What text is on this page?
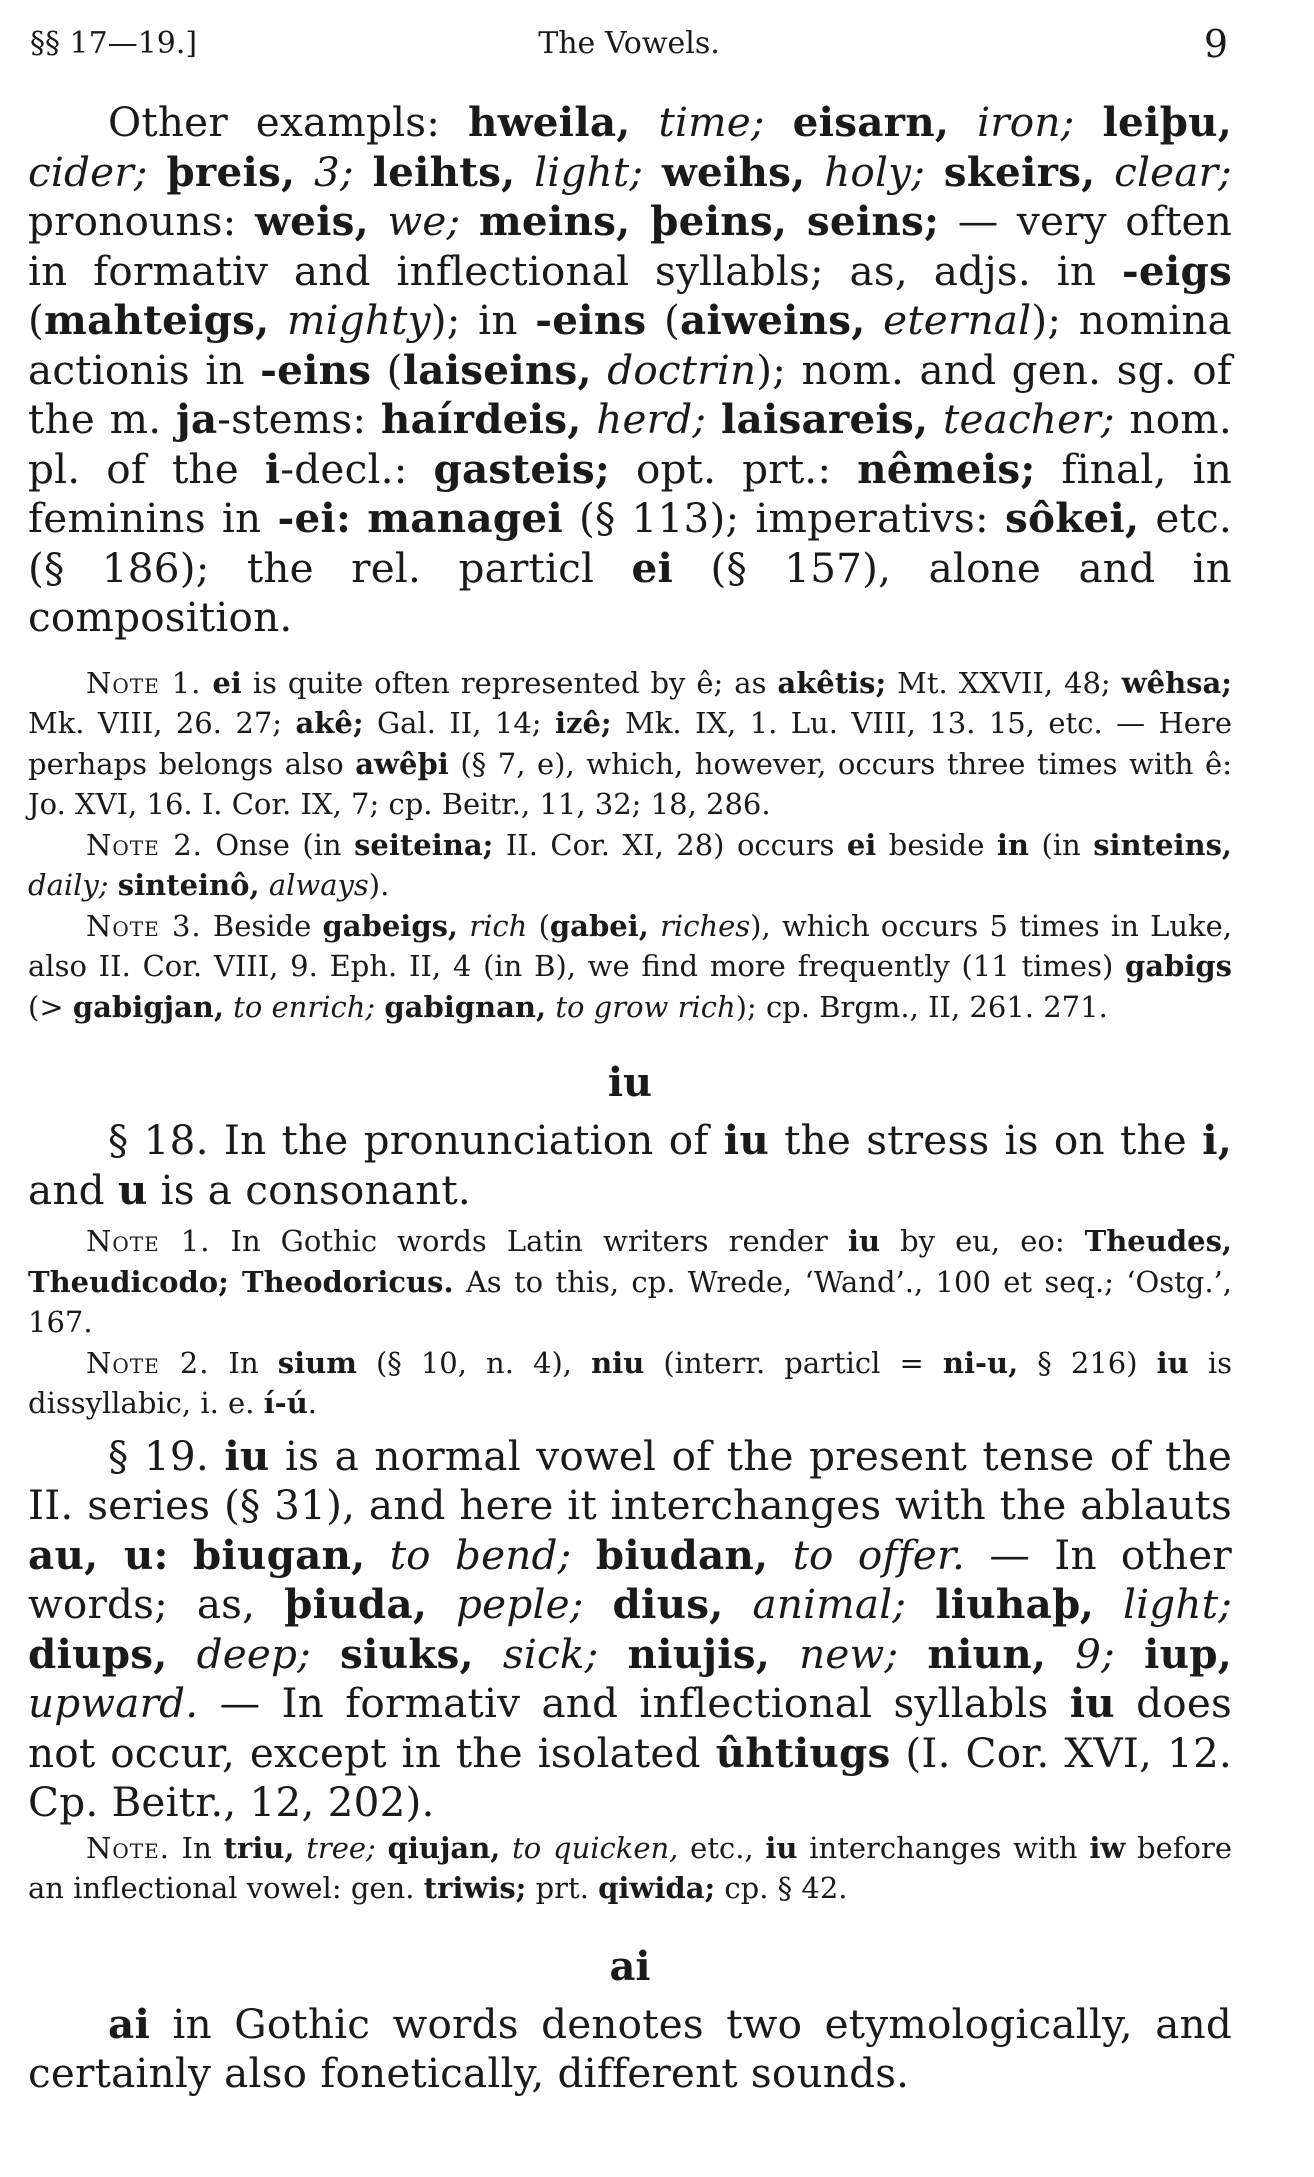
§§ 17—19.]	The Vowels.	9

Other exampls: hweila, time; eisarn, iron; leiþu, cider; þreis, 3; leihts, light; weihs, holy; skeirs, clear; pronouns: weis, we; meins, þeins, seins; — very often in formativ and inflectional syllabls; as, adjs. in -eigs (mahteigs, mighty); in -eins (aiweins, eternal); nomina actionis in -eins (laiseins, doctrin); nom. and gen. sg. of the m. ja-stems: haírdeis, herd; laisareis, teacher; nom. pl. of the i-decl.: gasteis; opt. prt.: nêmeis; final, in feminins in -ei: managei (§ 113); imperativs: sôkei, etc. (§ 186); the rel. particl ei (§ 157), alone and in composition.

Note 1. ei is quite often represented by ê; as akêtis; Mt. XXVII, 48; wêhsa; Mk. VIII, 26. 27; akê; Gal. II, 14; izê; Mk. IX, 1. Lu. VIII, 13. 15, etc. — Here perhaps belongs also awêþi (§ 7, e), which, however, occurs three times with ê: Jo. XVI, 16. I. Cor. IX, 7; cp. Beitr., 11, 32; 18, 286.

Note 2. Onse (in seiteina; II. Cor. XI, 28) occurs ei beside in (in sinteins, daily; sinteinô, always).

Note 3. Beside gabeigs, rich (gabei, riches), which occurs 5 times in Luke, also II. Cor. VIII, 9. Eph. II, 4 (in B), we find more frequently (11 times) gabigs (> gabigjan, to enrich; gabignan, to grow rich); cp. Brgm., II, 261. 271.

iu

§ 18. In the pronunciation of iu the stress is on the i, and u is a consonant.

Note 1. In Gothic words Latin writers render iu by eu, eo: Theudes, Theudicodo; Theodoricus. As to this, cp. Wrede, ‘Wand’., 100 et seq.; ‘Ostg.’, 167.

Note 2. In sium (§ 10, n. 4), niu (interr. particl = ni-u, § 216) iu is dissyllabic, i. e. í-ú.

§ 19. iu is a normal vowel of the present tense of the II. series (§ 31), and here it interchanges with the ablauts au, u: biugan, to bend; biudan, to offer. — In other words; as, þiuda, peple; dius, animal; liuhaþ, light; diups, deep; siuks, sick; niujis, new; niun, 9; iup, upward. — In formativ and inflectional syllabls iu does not occur, except in the isolated ûhtiugs (I. Cor. XVI, 12. Cp. Beitr., 12, 202).

Note. In triu, tree; qiujan, to quicken, etc., iu interchanges with iw before an inflectional vowel: gen. triwis; prt. qiwida; cp. § 42.

ai

ai in Gothic words denotes two etymologically, and certainly also fonetically, different sounds.
